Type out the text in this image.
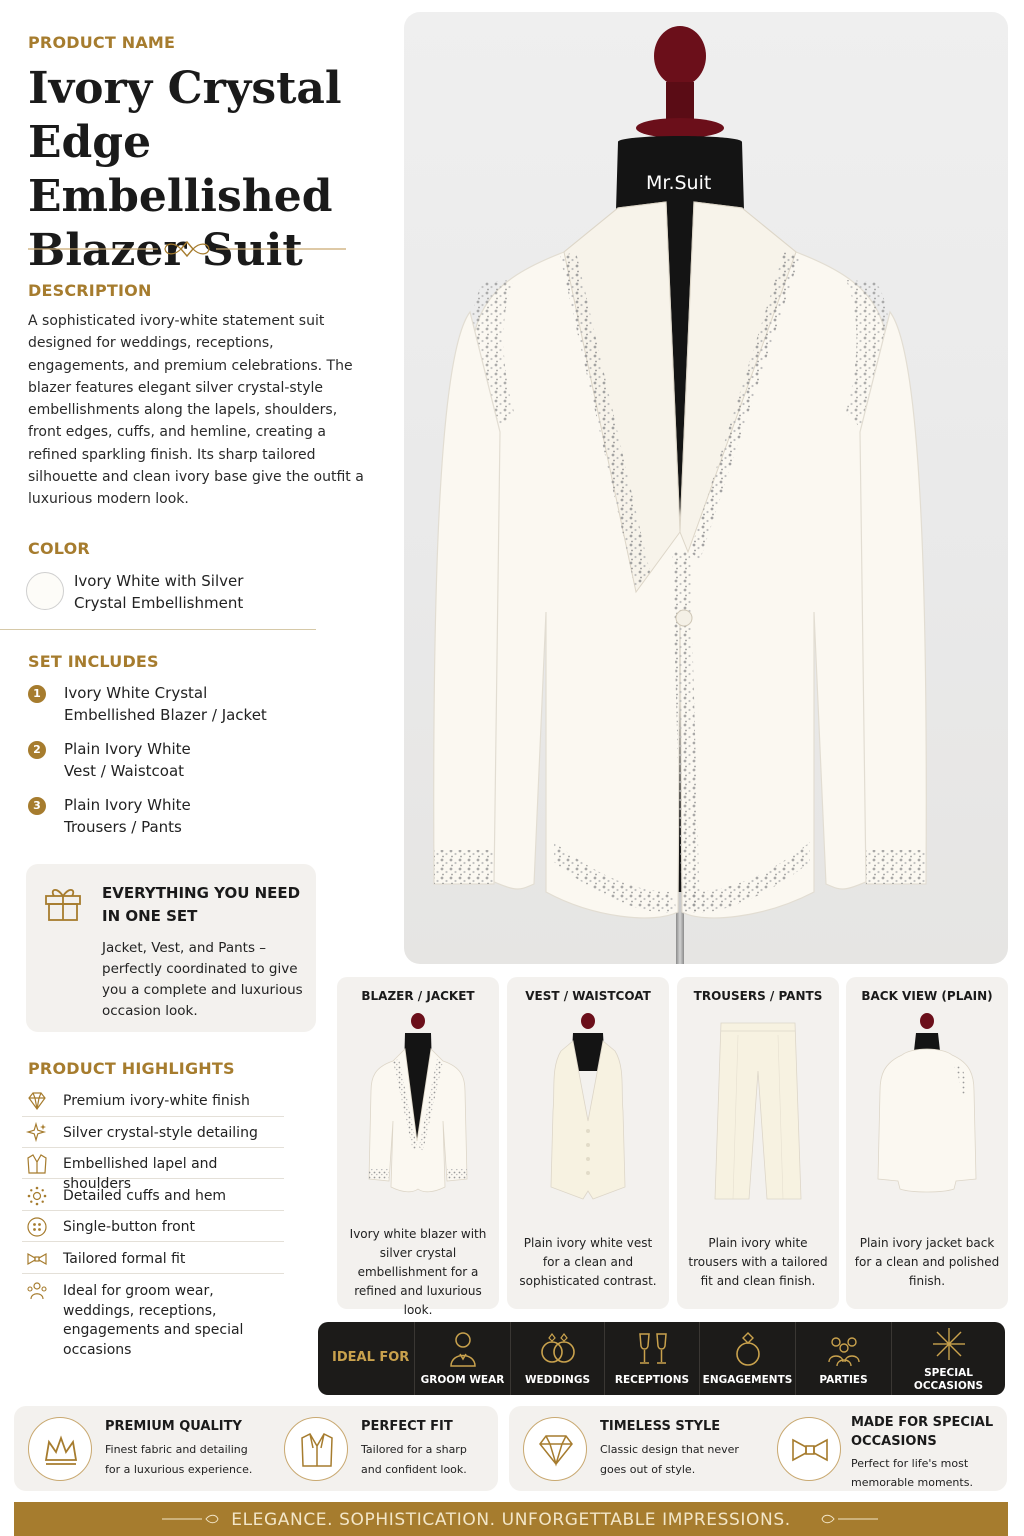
PRODUCT NAME
Ivory Crystal Edge Embellished Blazer Suit
DESCRIPTION
A sophisticated ivory-white statement suit designed for weddings, receptions, engagements, and premium celebrations. The blazer features elegant silver crystal-style embellishments along the lapels, shoulders, front edges, cuffs, and hemline, creating a refined sparkling finish. Its sharp tailored silhouette and clean ivory base give the outfit a luxurious modern look.
COLOR
Ivory White with Silver Crystal Embellishment
SET INCLUDES
1	Ivory White Crystal Embellished Blazer / Jacket
2	Plain Ivory White Vest / Waistcoat
3	Plain Ivory White Trousers / Pants
EVERYTHING YOU NEED IN ONE SET
Jacket, Vest, and Pants – perfectly coordinated to give you a complete and luxurious occasion look.
PRODUCT HIGHLIGHTS
Premium ivory-white finish
Silver crystal-style detailing
Embellished lapel and shoulders
Detailed cuffs and hem
Single-button front
Tailored formal fit
Ideal for groom wear, weddings, receptions, engagements and special occasions
Mr.Suit
BLAZER / JACKET
Ivory white blazer with silver crystal embellishment for a refined and luxurious look.
VEST / WAISTCOAT
Plain ivory white vest for a clean and sophisticated contrast.
TROUSERS / PANTS
Plain ivory white trousers with a tailored fit and clean finish.
BACK VIEW (PLAIN)
Plain ivory jacket back for a clean and polished finish.
IDEAL FOR
GROOM WEAR	WEDDINGS	RECEPTIONS	ENGAGEMENTS	PARTIES
SPECIAL OCCASIONS
PREMIUM QUALITY
Finest fabric and detailing for a luxurious experience.
PERFECT FIT
Tailored for a sharp and confident look.
TIMELESS STYLE
Classic design that never goes out of style.
MADE FOR SPECIAL OCCASIONS
Perfect for life's most memorable moments.
ELEGANCE. SOPHISTICATION. UNFORGETTABLE IMPRESSIONS.
